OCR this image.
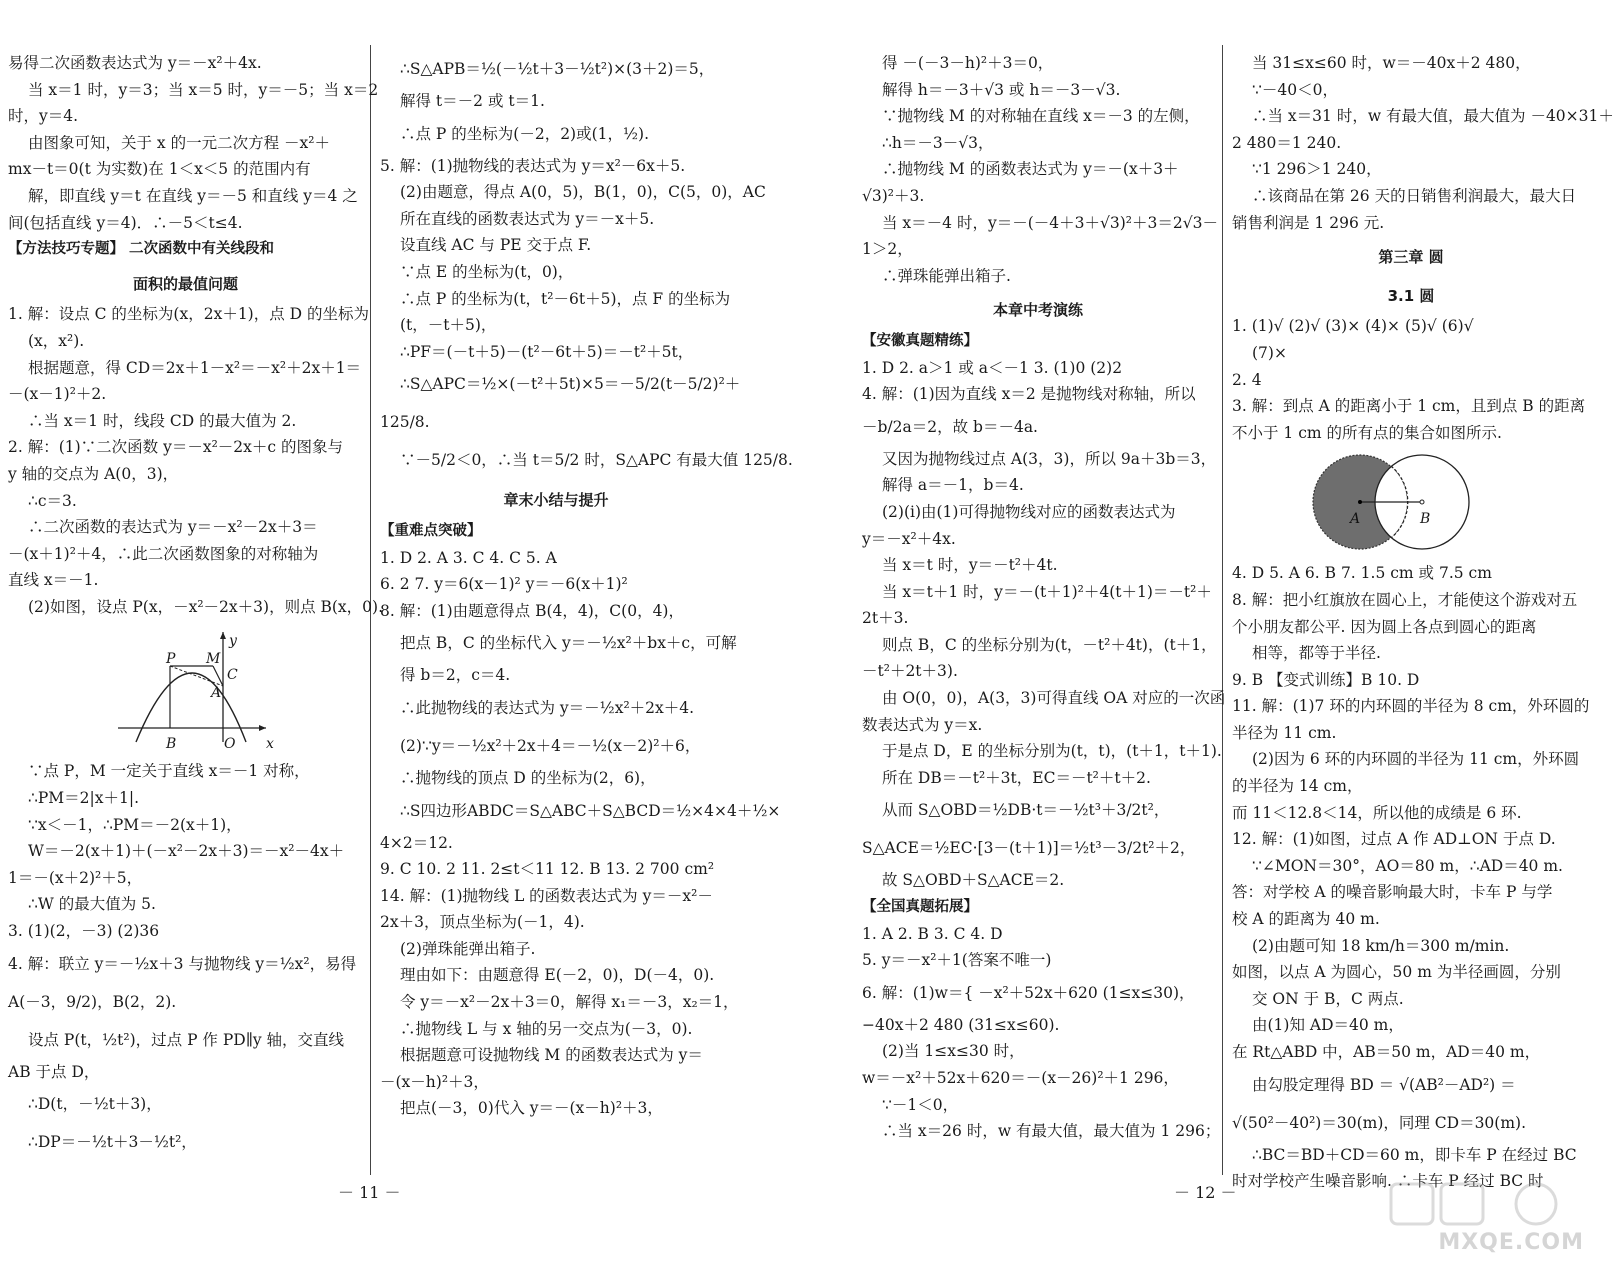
易得二次函数表达式为 y＝－x²＋4x.
当 x＝1 时，y＝3；当 x＝5 时，y＝－5；当 x＝2
时，y＝4.
由图象可知，关于 x 的一元二次方程 －x²＋
mx－t＝0(t 为实数)在 1＜x＜5 的范围内有
解，即直线 y＝t 在直线 y＝－5 和直线 y＝4 之
间(包括直线 y＝4)．∴－5＜t≤4.
【方法技巧专题】 二次函数中有关线段和
面积的最值问题
1. 解：设点 C 的坐标为(x，2x＋1)，点 D 的坐标为
(x，x²).
根据题意，得 CD＝2x＋1－x²＝－x²＋2x＋1＝
－(x－1)²＋2.
∴当 x＝1 时，线段 CD 的最大值为 2.
2. 解：(1)∵二次函数 y＝－x²－2x＋c 的图象与
y 轴的交点为 A(0，3)，
∴c＝3.
∴二次函数的表达式为 y＝－x²－2x＋3＝
－(x＋1)²＋4，∴此二次函数图象的对称轴为
直线 x＝－1.
(2)如图，设点 P(x，－x²－2x＋3)，则点 B(x，0).
P M
y
A
C
B	O x
∵点 P，M 一定关于直线 x＝－1 对称，
∴PM＝2|x＋1|.
∵x＜－1，∴PM＝－2(x＋1)，
W＝－2(x＋1)＋(－x²－2x＋3)＝－x²－4x＋
1＝－(x＋2)²＋5，
∴W 的最大值为 5.
3. (1)(2，－3) (2)36
4. 解：联立 y＝－½x＋3 与抛物线 y＝½x²，易得
A(－3，9/2)，B(2，2).
设点 P(t，½t²)，过点 P 作 PD∥y 轴，交直线
AB 于点 D，
∴D(t，－½t＋3)，
∴DP＝－½t＋3－½t²，
∴S△APB＝½(－½t＋3－½t²)×(3＋2)＝5，
解得 t＝－2 或 t＝1.
∴点 P 的坐标为(－2，2)或(1，½).
5. 解：(1)抛物线的表达式为 y＝x²－6x＋5.
(2)由题意，得点 A(0，5)，B(1，0)，C(5，0)，AC
所在直线的函数表达式为 y＝－x＋5.
设直线 AC 与 PE 交于点 F.
∵点 E 的坐标为(t，0)，
∴点 P 的坐标为(t，t²－6t＋5)，点 F 的坐标为
(t，－t＋5)，
∴PF＝(－t＋5)－(t²－6t＋5)＝－t²＋5t，
∴S△APC＝½×(－t²＋5t)×5＝－5/2(t－5/2)²＋
125/8.
∵－5/2＜0，∴当 t＝5/2 时，S△APC 有最大值 125/8.
章末小结与提升
【重难点突破】
1. D 2. A 3. C 4. C 5. A
6. 2 7. y＝6(x－1)² y＝－6(x＋1)²
8. 解：(1)由题意得点 B(4，4)，C(0，4)，
把点 B，C 的坐标代入 y＝－½x²＋bx＋c，可解
得 b＝2，c＝4.
∴此抛物线的表达式为 y＝－½x²＋2x＋4.
(2)∵y＝－½x²＋2x＋4＝－½(x－2)²＋6，
∴抛物线的顶点 D 的坐标为(2，6)，
∴S四边形ABDC＝S△ABC＋S△BCD＝½×4×4＋½×
4×2＝12.
9. C 10. 2 11. 2≤t＜11 12. B 13. 2 700 cm²
14. 解：(1)抛物线 L 的函数表达式为 y＝－x²－
2x＋3，顶点坐标为(－1，4).
(2)弹珠能弹出箱子.
理由如下：由题意得 E(－2，0)，D(－4，0).
令 y＝－x²－2x＋3＝0，解得 x₁＝－3，x₂＝1，
∴抛物线 L 与 x 轴的另一交点为(－3，0).
根据题意可设抛物线 M 的函数表达式为 y＝
－(x－h)²＋3，
把点(－3，0)代入 y＝－(x－h)²＋3，
得 －(－3－h)²＋3＝0，
解得 h＝－3＋√3 或 h＝－3－√3.
∵抛物线 M 的对称轴在直线 x＝－3 的左侧，
∴h＝－3－√3，
∴抛物线 M 的函数表达式为 y＝－(x＋3＋
√3)²＋3.
当 x＝－4 时，y＝－(－4＋3＋√3)²＋3＝2√3－
1＞2，
∴弹珠能弹出箱子.
本章中考演练
【安徽真题精练】
1. D 2. a＞1 或 a＜－1 3. (1)0 (2)2
4. 解：(1)因为直线 x＝2 是抛物线对称轴，所以
－b/2a＝2，故 b＝－4a.
又因为抛物线过点 A(3，3)，所以 9a＋3b＝3，
解得 a＝－1，b＝4.
(2)(ⅰ)由(1)可得抛物线对应的函数表达式为
y＝－x²＋4x.
当 x＝t 时，y＝－t²＋4t.
当 x＝t＋1 时，y＝－(t＋1)²＋4(t＋1)＝－t²＋
2t＋3.
则点 B，C 的坐标分别为(t，－t²＋4t)，(t＋1，
－t²＋2t＋3).
由 O(0，0)，A(3，3)可得直线 OA 对应的一次函
数表达式为 y＝x.
于是点 D，E 的坐标分别为(t，t)，(t＋1，t＋1).
所在 DB＝－t²＋3t，EC＝－t²＋t＋2.
从而 S△OBD＝½DB·t＝－½t³＋3/2t²，
S△ACE＝½EC·[3－(t＋1)]＝½t³－3/2t²＋2，
故 S△OBD＋S△ACE＝2.
【全国真题拓展】
1. A 2. B 3. C 4. D
5. y＝－x²＋1(答案不唯一)
6. 解：(1)w＝{ －x²＋52x＋620 (1≤x≤30)，
−40x＋2 480 (31≤x≤60).
(2)当 1≤x≤30 时，
w＝－x²＋52x＋620＝－(x－26)²＋1 296，
∵－1＜0，
∴当 x＝26 时，w 有最大值，最大值为 1 296；
当 31≤x≤60 时，w＝－40x＋2 480，
∵－40＜0，
∴当 x＝31 时，w 有最大值，最大值为 －40×31＋
2 480＝1 240.
∵1 296＞1 240，
∴该商品在第 26 天的日销售利润最大，最大日
销售利润是 1 296 元.
第三章 圆
3.1 圆
1. (1)√ (2)√ (3)× (4)× (5)√ (6)√
(7)×
2. 4
3. 解：到点 A 的距离小于 1 cm，且到点 B 的距离
不小于 1 cm 的所有点的集合如图所示.
A	B
4. D 5. A 6. B 7. 1.5 cm 或 7.5 cm
8. 解：把小红旗放在圆心上，才能使这个游戏对五
个小朋友都公平. 因为圆上各点到圆心的距离
相等，都等于半径.
9. B 【变式训练】B 10. D
11. 解：(1)7 环的内环圆的半径为 8 cm，外环圆的
半径为 11 cm.
(2)因为 6 环的内环圆的半径为 11 cm，外环圆
的半径为 14 cm，
而 11＜12.8＜14，所以他的成绩是 6 环.
12. 解：(1)如图，过点 A 作 AD⊥ON 于点 D.
∵∠MON＝30°，AO＝80 m，∴AD＝40 m.
答：对学校 A 的噪音影响最大时，卡车 P 与学
校 A 的距离为 40 m.
(2)由题可知 18 km/h＝300 m/min.
如图，以点 A 为圆心，50 m 为半径画圆，分别
交 ON 于 B，C 两点.
由(1)知 AD＝40 m，
在 Rt△ABD 中，AB＝50 m，AD＝40 m，
由勾股定理得 BD ＝ √(AB²－AD²) ＝
√(50²－40²)＝30(m)，同理 CD＝30(m).
∴BC＝BD＋CD＝60 m，即卡车 P 在经过 BC
时对学校产生噪音影响. ∴卡车 P 经过 BC 时
－ 11 －	－ 12 －
MXQE.COM
